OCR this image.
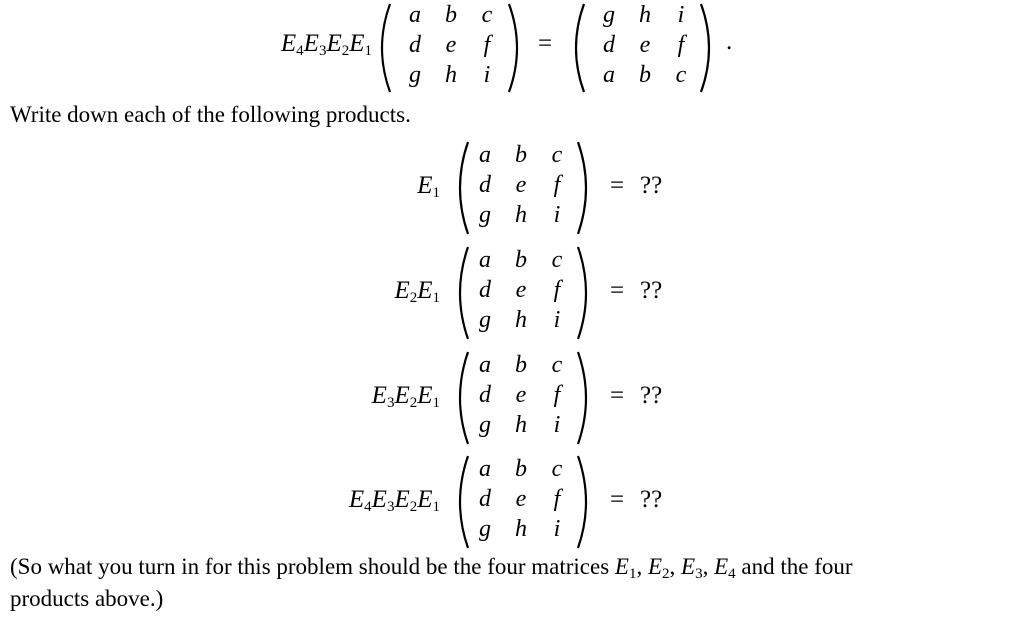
$E_4E_3E_2E_1$	=	.
a	b	c
d	e	f
g	h	i
g	h	i
d	e	f
a	b	c
Write down each of the following products.
$E_1$
a	b	c
d	e	f
g	h	i
= ??
$E_2E_1$
a	b	c
d	e	f
g	h	i
= ??
$E_3E_2E_1$
a	b	c
d	e	f
g	h	i
= ??
$E_4E_3E_2E_1$
a	b	c
d	e	f
g	h	i
= ??
(So what you turn in for this problem should be the four matrices $E_1$, $E_2$, $E_3$, $E_4$ and the four
products above.)
